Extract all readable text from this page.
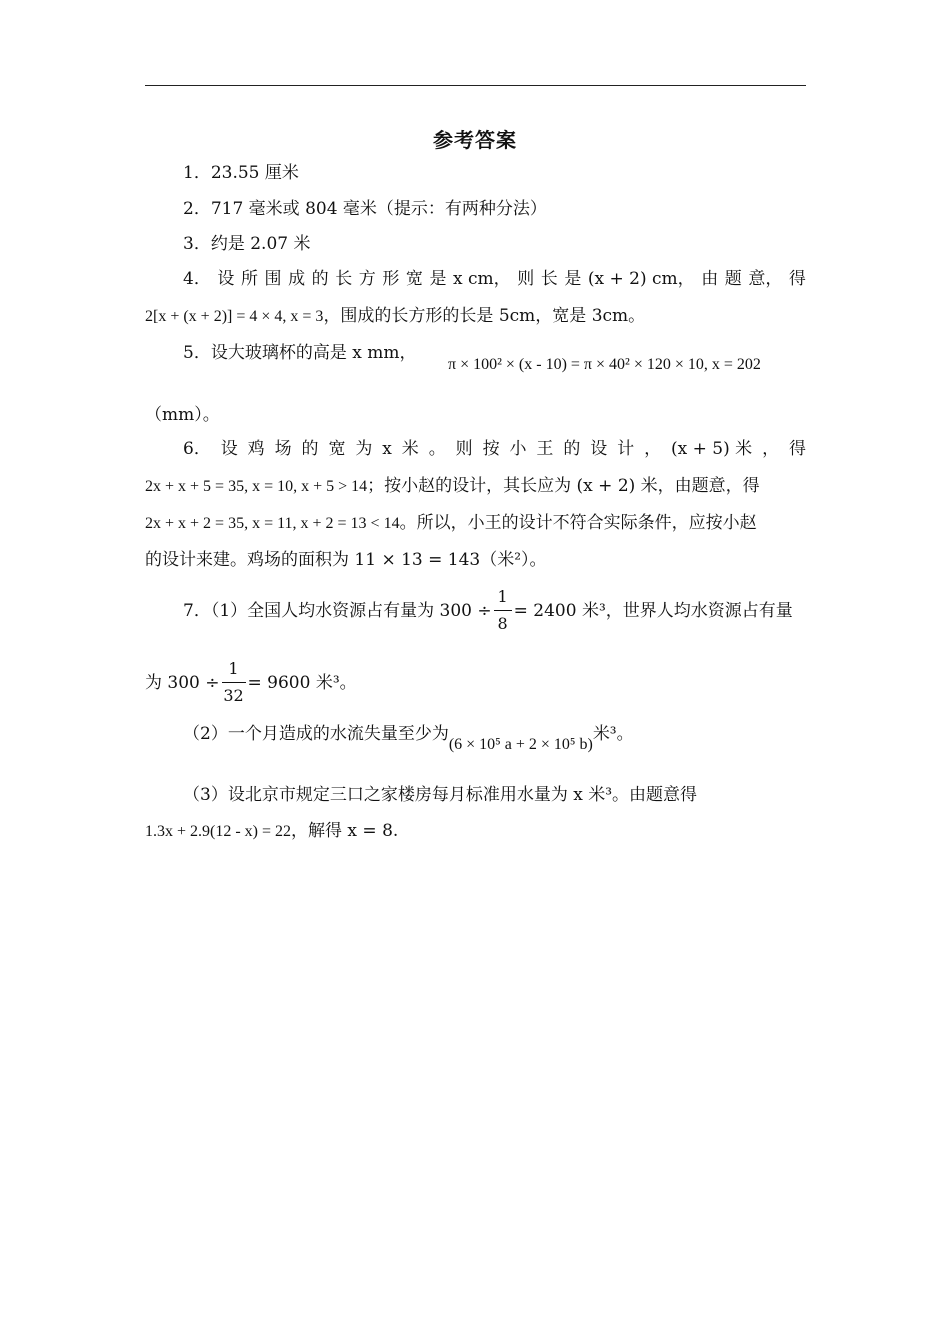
参考答案
1．23.55 厘米
2．717 毫米或 804 毫米（提示：有两种分法）
3．约是 2.07 米
4． 设 所 围 成 的 长 方 形 宽 是 x cm， 则 长 是 (x + 2) cm， 由 题 意， 得
2[x + (x + 2)] = 4 × 4, x = 3，围成的长方形的长是 5cm，宽是 3cm。
5．设大玻璃杯的高是 x mm，
π × 100² × (x - 10) = π × 40² × 120 × 10, x = 202
（mm）。
6． 设 鸡 场 的 宽 为 x 米 。 则 按 小 王 的 设 计 ， (x + 5) 米 ， 得
2x + x + 5 = 35, x = 10, x + 5 > 14；按小赵的设计，其长应为 (x + 2) 米，由题意，得
2x + x + 2 = 35, x = 11, x + 2 = 13 < 14。所以，小王的设计不符合实际条件，应按小赵
的设计来建。鸡场的面积为 11 × 13 = 143（米²）。
7．（1）全国人均水资源占有量为 $300 \div \frac{1}{8} = 2400$ 米³，世界人均水资源占有量
为 $300 \div \frac{1}{32} = 9600$ 米³。
（2）一个月造成的水流失量至少为(6 × 10⁵ a + 2 × 10⁵ b)米³。
（3）设北京市规定三口之家楼房每月标准用水量为 x 米³。由题意得
1.3x + 2.9(12 - x) = 22，解得 x = 8.
